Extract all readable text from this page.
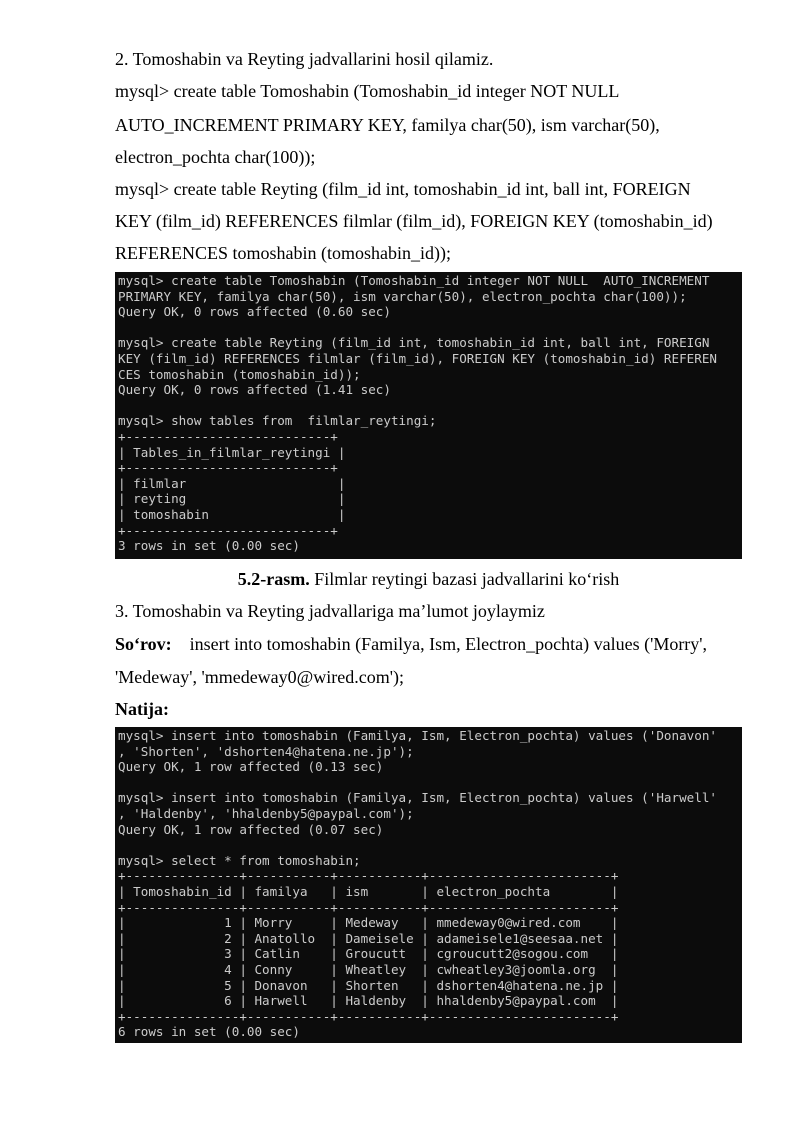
2. Tomoshabin va Reyting jadvallarini hosil qilamiz.

mysql> create table Tomoshabin (Tomoshabin_id integer NOT NULL

AUTO_INCREMENT PRIMARY KEY, familya char(50), ism varchar(50),

electron_pochta char(100));

mysql> create table Reyting (film_id int, tomoshabin_id int, ball int, FOREIGN

KEY (film_id) REFERENCES filmlar (film_id), FOREIGN KEY (tomoshabin_id)

REFERENCES tomoshabin (tomoshabin_id));

mysql> create table Tomoshabin (Tomoshabin_id integer NOT NULL  AUTO_INCREMENT
PRIMARY KEY, familya char(50), ism varchar(50), electron_pochta char(100));
Query OK, 0 rows affected (0.60 sec)

mysql> create table Reyting (film_id int, tomoshabin_id int, ball int, FOREIGN
KEY (film_id) REFERENCES filmlar (film_id), FOREIGN KEY (tomoshabin_id) REFEREN
CES tomoshabin (tomoshabin_id));
Query OK, 0 rows affected (1.41 sec)

mysql> show tables from  filmlar_reytingi;
+---------------------------+
| Tables_in_filmlar_reytingi |
+---------------------------+
| filmlar                    |
| reyting                    |
| tomoshabin                 |
+---------------------------+
3 rows in set (0.00 sec)

5.2-rasm. Filmlar reytingi bazasi jadvallarini ko‘rish

3. Tomoshabin va Reyting jadvallariga ma’lumot joylaymiz

So‘rov:    insert into tomoshabin (Familya, Ism, Electron_pochta) values ('Morry',

'Medeway', 'mmedeway0@wired.com');

Natija:

mysql> insert into tomoshabin (Familya, Ism, Electron_pochta) values ('Donavon'
, 'Shorten', 'dshorten4@hatena.ne.jp');
Query OK, 1 row affected (0.13 sec)

mysql> insert into tomoshabin (Familya, Ism, Electron_pochta) values ('Harwell'
, 'Haldenby', 'hhaldenby5@paypal.com');
Query OK, 1 row affected (0.07 sec)

mysql> select * from tomoshabin;
+---------------+-----------+-----------+------------------------+
| Tomoshabin_id | familya   | ism       | electron_pochta        |
+---------------+-----------+-----------+------------------------+
|             1 | Morry     | Medeway   | mmedeway0@wired.com    |
|             2 | Anatollo  | Dameisele | adameisele1@seesaa.net |
|             3 | Catlin    | Groucutt  | cgroucutt2@sogou.com   |
|             4 | Conny     | Wheatley  | cwheatley3@joomla.org  |
|             5 | Donavon   | Shorten   | dshorten4@hatena.ne.jp |
|             6 | Harwell   | Haldenby  | hhaldenby5@paypal.com  |
+---------------+-----------+-----------+------------------------+
6 rows in set (0.00 sec)
